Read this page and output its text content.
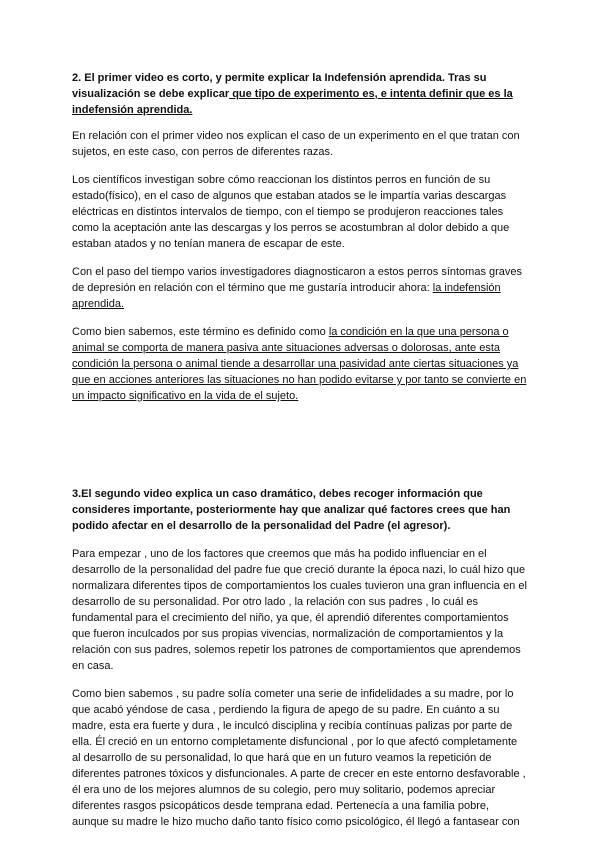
2. El primer video es corto, y permite explicar la Indefensión aprendida. Tras su visualización se debe explicar que tipo de experimento es, e intenta definir que es la indefensión aprendida.

En relación con el primer video nos explican el caso de un experimento en el que tratan con sujetos, en este caso, con perros de diferentes razas.

Los científicos investigan sobre cómo reaccionan los distintos perros en función de su estado(físico), en el caso de algunos que estaban atados se le impartía varias descargas eléctricas en distintos intervalos de tiempo, con el tiempo se produjeron reacciones tales como la aceptación ante las descargas y los perros se acostumbran al dolor debido a que estaban atados y no tenían manera de escapar de este.

Con el paso del tiempo varios investigadores diagnosticaron a estos perros síntomas graves de depresión en relación con el término que me gustaría introducir ahora: la indefensión aprendida.

Como bien sabemos, este término es definido como la condición en la que una persona o animal se comporta de manera pasiva ante situaciones adversas o dolorosas, ante esta condición la persona o animal tiende a desarrollar una pasividad ante ciertas situaciones ya que en acciones anteriores las situaciones no han podido evitarse y por tanto se convierte en un impacto significativo en la vida de el sujeto.

3.El segundo video explica un caso dramático, debes recoger información que consideres importante, posteriormente hay que analizar qué factores crees que han podido afectar en el desarrollo de la personalidad del Padre (el agresor).

Para empezar , uno de los factores que creemos que más ha podido influenciar en el desarrollo de la personalidad del padre fue que creció durante la época nazi, lo cuál hizo que normalizara diferentes tipos de comportamientos los cuales tuvieron una gran influencia en el desarrollo de su personalidad. Por otro lado , la relación con sus padres , lo cuál es fundamental para el crecimiento del niño, ya que, él aprendió diferentes comportamientos que fueron inculcados por sus propias vivencias, normalización de comportamientos y la relación con sus padres, solemos repetir los patrones de comportamientos que aprendemos en casa.

Como bien sabemos , su padre solía cometer una serie de infidelidades a su madre, por lo que acabó yéndose de casa , perdiendo la figura de apego de su padre. En cuánto a su madre, esta era fuerte y dura , le inculcó disciplina y recibía contínuas palizas por parte de ella. Él creció en un entorno completamente disfuncional , por lo que afectó completamente al desarrollo de su personalidad, lo que hará que en un futuro veamos la repetición de diferentes patrones tóxicos y disfuncionales. A parte de crecer en este entorno desfavorable , él era uno de los mejores alumnos de su colegio, pero muy solitario, podemos apreciar diferentes rasgos psicopáticos desde temprana edad. Pertenecía a una familia pobre, aunque su madre le hizo mucho daño tanto físico como psicológico, él llegó a fantasear con
